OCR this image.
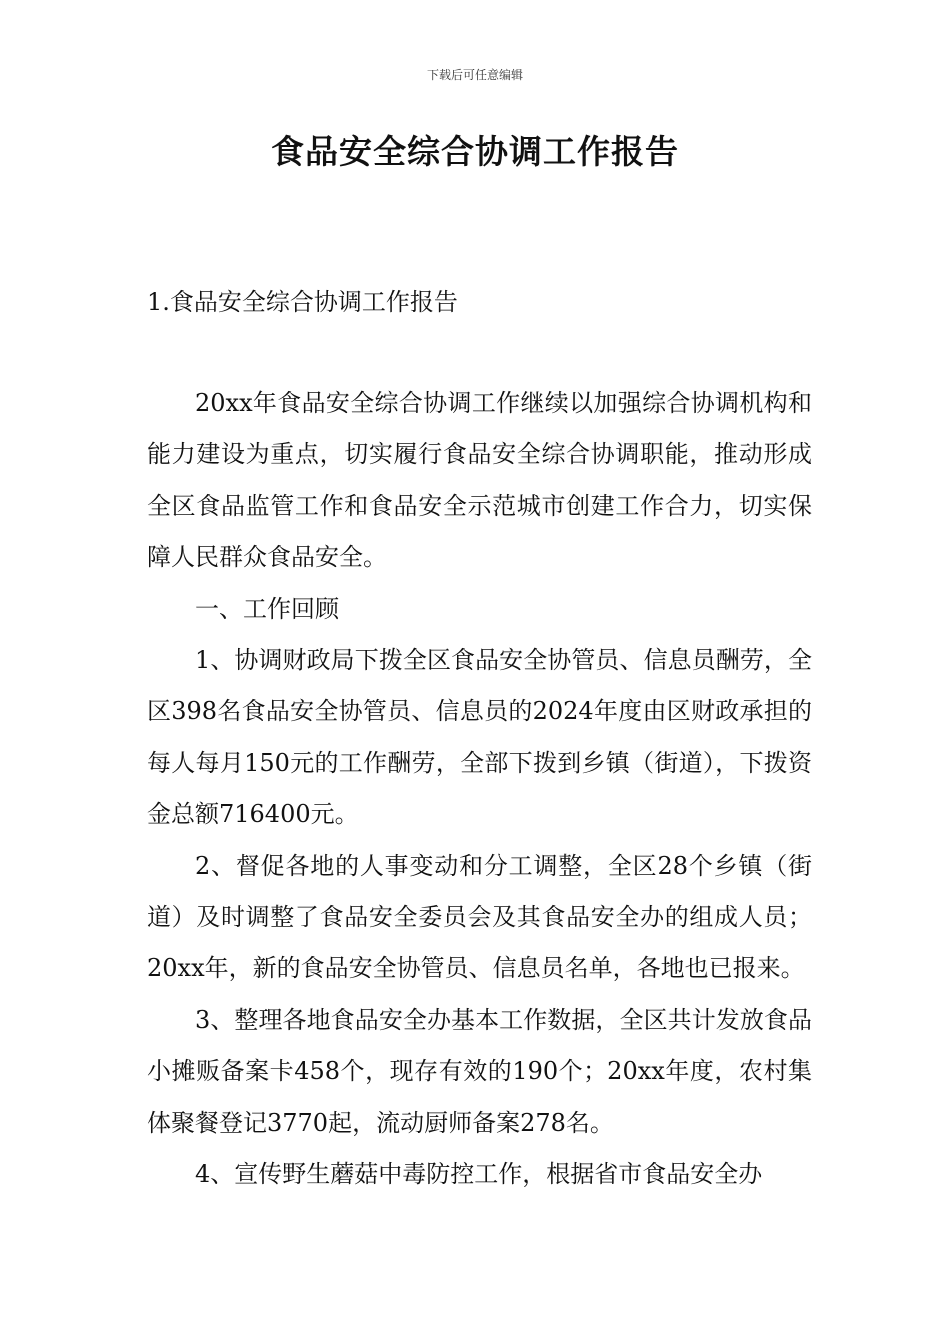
下载后可任意编辑
食品安全综合协调工作报告
1.食品安全综合协调工作报告

20xx年食品安全综合协调工作继续以加强综合协调机构和能力建设为重点，切实履行食品安全综合协调职能，推动形成全区食品监管工作和食品安全示范城市创建工作合力，切实保障人民群众食品安全。

一、工作回顾

1、协调财政局下拨全区食品安全协管员、信息员酬劳，全区398名食品安全协管员、信息员的2024年度由区财政承担的每人每月150元的工作酬劳，全部下拨到乡镇（街道），下拨资金总额716400元。

2、督促各地的人事变动和分工调整，全区28个乡镇（街道）及时调整了食品安全委员会及其食品安全办的组成人员；20xx年，新的食品安全协管员、信息员名单，各地也已报来。

3、整理各地食品安全办基本工作数据，全区共计发放食品小摊贩备案卡458个，现存有效的190个；20xx年度，农村集体聚餐登记3770起，流动厨师备案278名。

4、宣传野生蘑菇中毒防控工作，根据省市食品安全办
